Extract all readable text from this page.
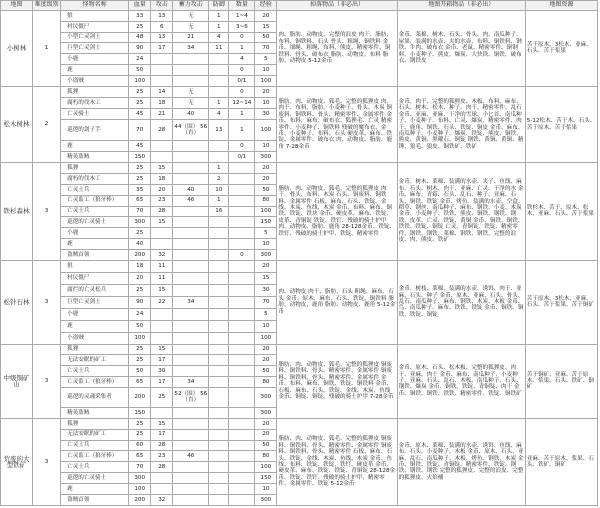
地图	难度级别	怪物名称	血量	攻击	蓄力攻击	防御	数量	经验	掉落物品（非必出）	地图开箱物品（非必出）	地图资源
小树林	1	狼	33	13	无	1	1~4	20	肉、脂肪、动物皮、完整的浪皮 肉干、脂肪、布料、铜铁料、石头 骨头、粗绳、铜铁料 金币、细绳、粗绳、布料、熊皮、精密零件、铜铁料、骨头、破布衣 脂肪、动物皮、布料 脂肪、动物皮 5-12金币	金币、莱棉、树木、石头、骨头、肉、南瓜种子、屋果、装满的水壶、夹的水壶、布料、铜铁料、钢铁、牛肉、破布衣 金币、老鼠、精密零件、铜钢料、小麦种子、熊皮、爆炭、大快铁、铜铁、破布衣、钢铁皮	苦于原木、3松木、亚麻、石头、苦于浆果
		村民僵尸	25	6	无	1	3~6	15			
		小型亡灵剑士	48	13	21	4	0	50			
		巨型亡灵剑士	90	17	34	11	1	70			
		小鹿	24				4	5			
		鹿	50				0	10			
		小盗贼	100				0/1	100			
松木树林	2	狐狸	25	14	无		0	20	脂肪、肉、动物皮、狐毛、完整的狐狸皮 肉、肉干、布料、脂肪、小麦种子、骨头、木炭 铜废料、铜铁料、骨头、精密零件、金属零件 金币、布料、麻布、破布衣、狐狸毛、亡灵 精密零件、小麦种子、铜铁料 残破的魔布衣、金币、小麦种子、布料、石头 硬皮革、麻布、铁锭、金属零件、破布衣 肉、动物皮、脂肪、鹿角 7-28金币	金币、肉干、完整的狐狸皮、木板、布料、麻布、石头、树木、松木、种子、肉干、精密零件、乱石 金币、亚麻、亚麻、干净的雪球、小匕首、南瓜种子、小麦种子、布料、亡灵、爆炭、精密零件、肉干、鹿角、铜铁、石头、铁锭、铜皮 金币、麻布、南瓜种子、小麦种子、爆炭、铁锭、熊皮、铜铁、熊皮、黄铜、黑曜石、铜锭 钢铁、黄铜、黄铜、精锤、狼毛、狼皮、铜铁矿、铁矿	5-12松木、苦于木、石头、苦于原木、苦于浆果
		腐朽的伐木工	25	18	无	1	12~14	10			
		亡灵骑士	45	21	40	4	1	30			
		巡逻的刽子手	70	28	44（围） 56（直）	13	1	100			
		鹿	45				0	10			
		精英盗贼	150				0/1	300			
铁杉森林	3	狐狸	25	15		1		20	脂肪、肉、动物皮、狐毛、完整的狐狸皮 肉干、骨头、布料、木炭 石头、铜废料、铜铁料、金属零件 石板、麻布、石头、铁锭、金线、木炭、鱼线、木炭 金币、布料、麻布、铜铁、铁锭、铁块 金币、硬皮革、麻布、铁锭、皮革、青铜锭 铁锭、铁钉、残破的骑士护甲 肉、动物皮、脂肪、鹿角 28-128金币、铁锭、铁钉、残破的骑士护甲、铁锭、精密零件	金币、树木、莱棉、装满的水壶、夹子、鱼线、麻布、石头、树木、肉干、亚麻、亡灵、干净的水 金币、麻布、青霉、石头、乱石、种子、亚麻、石头、铜铁、铁锭 金币、烤鱼、装满的水壶、空盒、稻草、钢丝、南瓜种子、麻布、钢铁、小麦、木炭 金币、小麦种子、铁铁、熊皮、铜铁、钢铁、钢铁、皮革、亡灵、铁锭、黄铜 金币、铜铁、铜铁、铁铁、铁锭、铜锭 亡灵、青铜锭、铁锭、精密零件、钢铁、钢铁、莱棉、钢铁、钢铁、完整的浪皮、肉、熊皮、铁矿	铁杉木、苦于、原木、松木、亚麻、石头、苦于浆果
		腐朽的伐木工	25	18		2		20			
		亡灵士兵	35	20	40	10		50			
		亡灵监工（狼牙棒）	65	23	46	1		80			
		亡灵士兵	70	28		16		100			
		巡逻的亡灵骑士	300	15				150			
		小鹿	25					5			
		鹿	40					10			
		盗贼首领	200	32			0	300			
松针石林	3	狼	18	11				20	肉、动物皮 肉干、脂肪、石头 粗绳、麻布、石头 金币、原木、麻布、石头、铁锭、铜铁料 脂肪、动物皮、鹿角 脂肪、动物皮、鹿角 5-12金币	金币、树枝、莱棉、装满的水壶、诱饵、肉干、亚麻、石头、种子 金币、原木、亚麻、石头、骨头、乱石、南瓜种子、麻布、钢铁、木炭、木板 金币、鸟、南瓜种子、麻布、铁铁、铁锭 金币、铜铁、铜铁、铁锭、铜锭	苦于原木、3松木、亚麻、石头、苦于浆果、苦于铜矿
		村民僵尸	20	11				15			
		腐烂的亡灵松兵	25	15				30			
		巨型亡灵剑士	90	22	34			70			
		小鹿	24					5			
		鹿	50					10			
		小盗贼	100					100			
中级铜矿山	3	狐狸	25	15				20	脂肪、肉、动物皮、狐毛、完整的狐狸皮 铜废料、铜铁料、骨头、精密零件、金属零件 铜废料、铜铁料、骨头、精密零件、金属零件 金币、布料、麻布、铜铁、铁锭、铜铁料 金币、石板、麻布、石头、铁锭、金线、木炭、鱼线 金币、铜锭、铜锭、残破的骑士护甲 7-28金币	金币、原木、石头、松木板、完整的狐狸皮、肉干、亚麻、肉干 金币、麻布、南瓜种子、小麦种子、亚麻、石头、乱石、木板、南瓜种子、石头、钢铁、爆炭 金币、铜铁、铁锭、青铜锭、肉干 金币、铜铁、铜铁、铁铁、精密零件、铁锭、铜铁矿	苦于铜矿、亚麻、苦于原木、浆果、石头、铁矿、铜矿
		无法安眠的矿工	25	17				20			
		亡灵士兵	50	30				50			
		亡灵监工（狼牙棒）	65	17	34			80			
		巡逻的灵魂采集者	200	25	52（围） 56（直）			300			
		精英盗贼	150					300			
荒废的大型铁矿	3	狐狸	25	15				20	脂肪、肉、动物皮、狐毛、完整的狐狸皮 铜废料、铜铁料、骨头、精密零件、金属零件 铜废料、铜铁料、骨头、精密零件 石板、麻布、石头、铁锭、金线、木炭、鱼线、木炭 金币、鱼线、布料、铁锭、铁锭、铁钉、硬皮革 金币、硬皮革、麻布、铁锭、铁锭、青铜锭 28-128金币、铁锭、铁钉、残破的骑士护甲、精密零件、金属零件、铁锭 5-12金币	金币、原木、莱棉、装满的水壶、诱饵、鱼线、麻布、石头、小麦种子、木板 金币、原木、石头、亚麻、乱石、南瓜种子、木板、烤鱼、钢铁、木炭 金币、铜铁、铁锭、青铜锭、精密零件、铁锭、钢铁、钢铁、钢铁 完整的狐狸皮、完整的浪皮、完整的狐狸皮、火焰桶	亚麻、苦于原木、浆果、石头、铁矿、铜矿
		无法安眠的矿工	25	17				20			
		亡灵士兵	60	28				50			
		亡灵监工（狼牙棒）	65	23	46			80			
		亡灵士兵	70	28				100			
		巡逻的亡灵骑士	300					150			
		鹿	100					10			
		盗贼首领	200	32				300			
